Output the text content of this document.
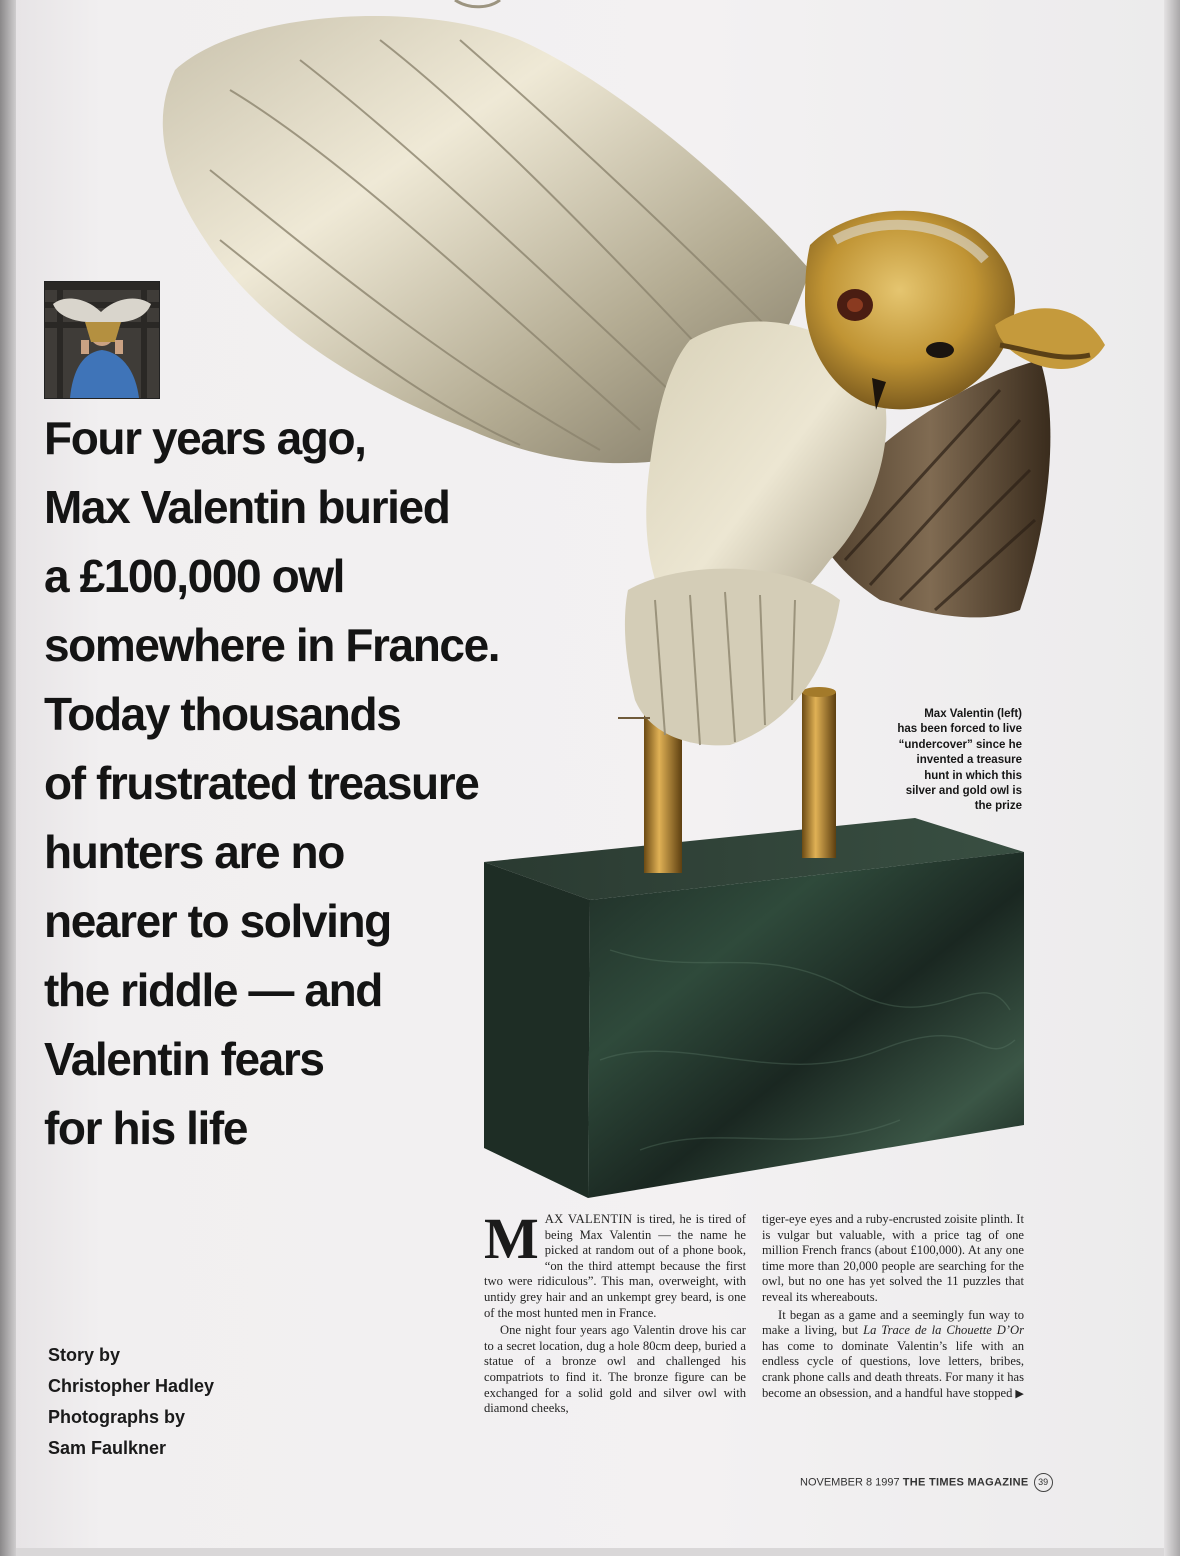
Four years ago,
Max Valentin buried
a £100,000 owl
somewhere in France.
Today thousands
of frustrated treasure
hunters are no
nearer to solving
the riddle — and
Valentin fears
for his life
Max Valentin (left)
has been forced to live
“undercover” since he
invented a treasure
hunt in which this
silver and gold owl is
the prize
Story by
Christopher Hadley
Photographs by
Sam Faulkner

MAX VALENTIN is tired, he is tired of being Max Valentin — the name he picked at random out of a phone book, “on the third attempt because the first two were ridiculous”. This man, overweight, with untidy grey hair and an unkempt grey beard, is one of the most hunted men in France.

One night four years ago Valentin drove his car to a secret location, dug a hole 80cm deep, buried a statue of a bronze owl and challenged his compatriots to find it. The bronze figure can be exchanged for a solid gold and silver owl with diamond cheeks,

tiger-eye eyes and a ruby-encrusted zoisite plinth. It is vulgar but valuable, with a price tag of one million French francs (about £100,000). At any one time more than 20,000 people are searching for the owl, but no one has yet solved the 11 puzzles that reveal its whereabouts.

It began as a game and a seemingly fun way to make a living, but La Trace de la Chouette D’Or has come to dominate Valentin’s life with an endless cycle of questions, love letters, bribes, crank phone calls and death threats. For many it has become an obsession, and a handful have stopped ▶

NOVEMBER 8 1997 THE TIMES MAGAZINE 39
